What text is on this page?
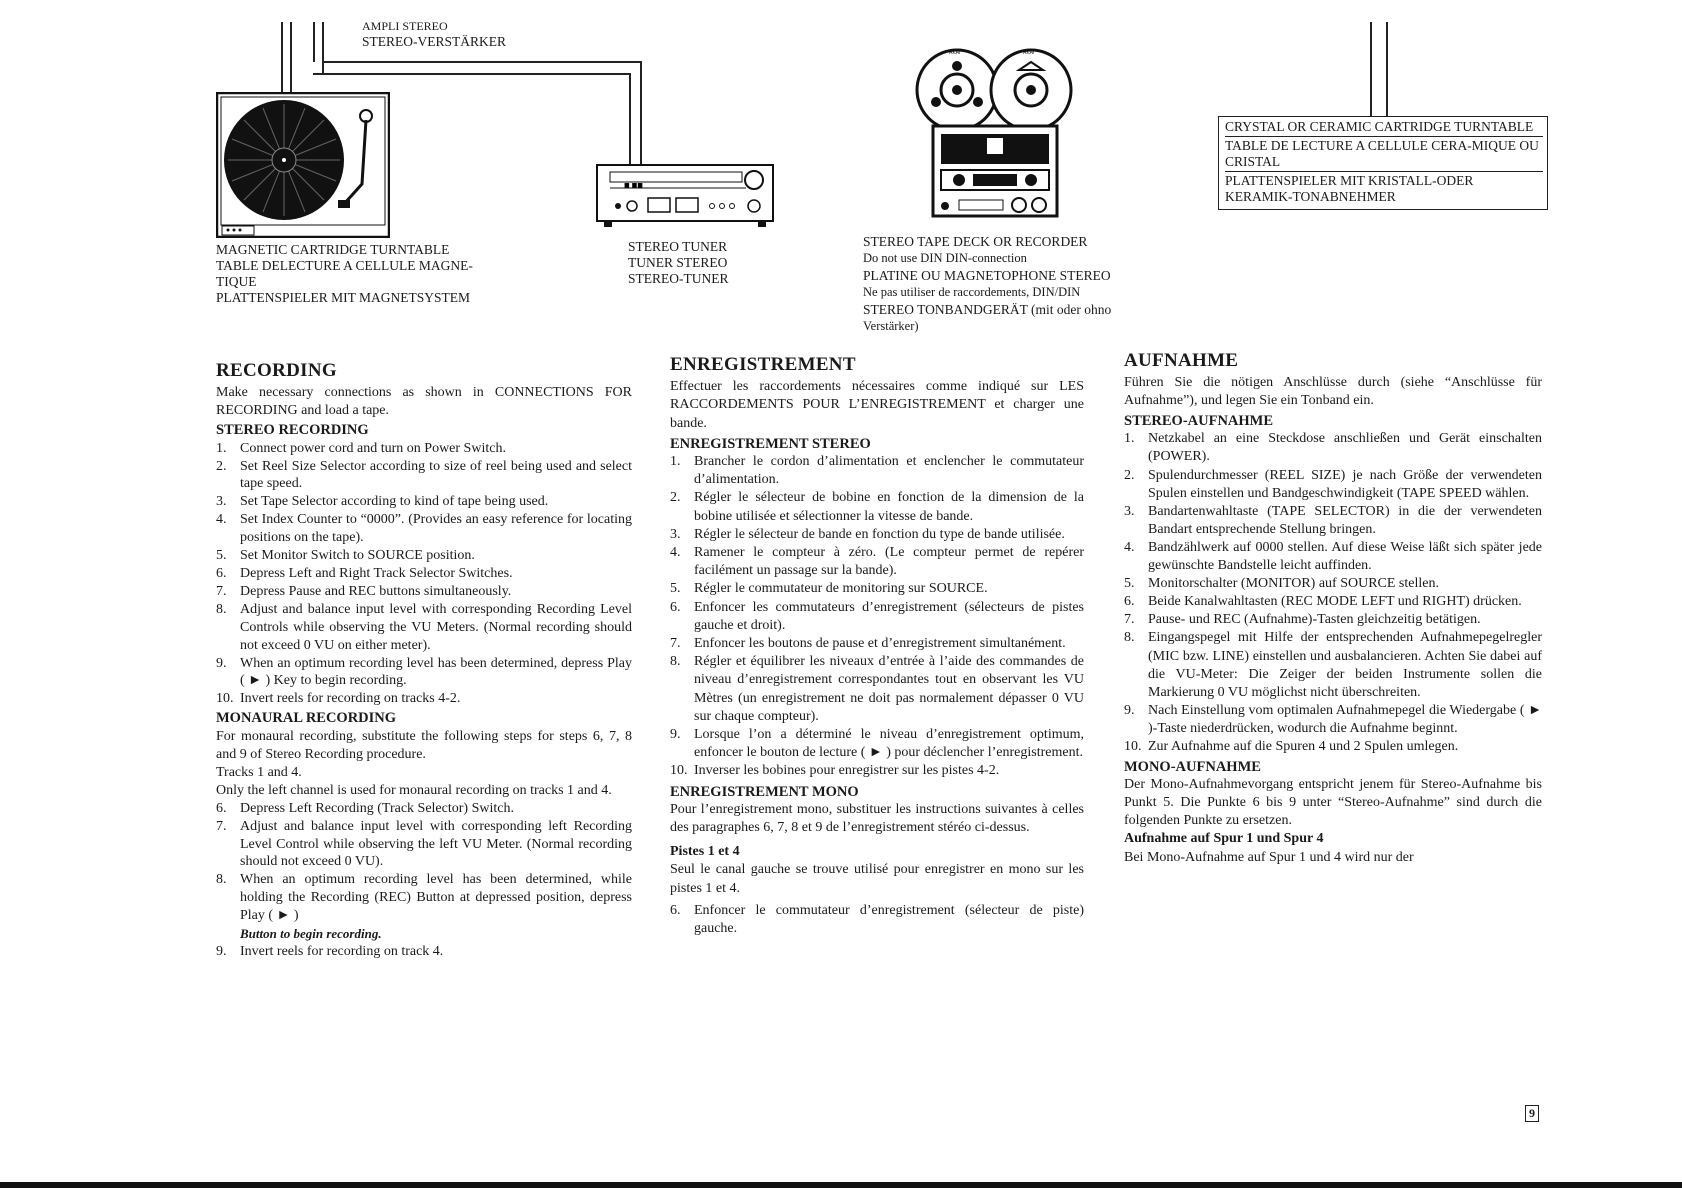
AMPLI STEREO
STEREO-VERSTÄRKER
MAGNETIC CARTRIDGE TURNTABLE
TABLE DELECTURE A CELLULE MAGNE-
TIQUE
PLATTENSPIELER MIT MAGNETSYSTEM
■ ■■
STEREO TUNER
TUNER STEREO
STEREO-TUNER
AKAI	AKAI
STEREO TAPE DECK OR RECORDER
Do not use DIN DIN-connection
PLATINE OU MAGNETOPHONE STEREO
Ne pas utiliser de raccordements, DIN/DIN
STEREO TONBANDGERÄT (mit oder ohno
Verstärker)
CRYSTAL OR CERAMIC CARTRIDGE TURNTABLE
TABLE DE LECTURE A CELLULE CERA-MIQUE OU CRISTAL
PLATTENSPIELER MIT KRISTALL-ODER KERAMIK-TONABNEHMER
RECORDING

Make necessary connections as shown in CONNECTIONS FOR RECORDING and load a tape.

STEREO RECORDING
1. Connect power cord and turn on Power Switch.
2. Set Reel Size Selector according to size of reel being used and select tape speed.
3. Set Tape Selector according to kind of tape being used.
4. Set Index Counter to “0000”. (Provides an easy reference for locating positions on the tape).
5. Set Monitor Switch to SOURCE position.
6. Depress Left and Right Track Selector Switches.
7. Depress Pause and REC buttons simultaneously.
8. Adjust and balance input level with corresponding Recording Level Controls while observing the VU Meters. (Normal recording should not exceed 0 VU on either meter).
9. When an optimum recording level has been determined, depress Play ( ► ) Key to begin recording.
10. Invert reels for recording on tracks 4-2.
MONAURAL RECORDING

For monaural recording, substitute the following steps for steps 6, 7, 8 and 9 of Stereo Recording procedure.

Tracks 1 and 4.

Only the left channel is used for monaural recording on tracks 1 and 4.

6. Depress Left Recording (Track Selector) Switch.
7. Adjust and balance input level with corresponding left Recording Level Control while observing the left VU Meter. (Normal recording should not exceed 0 VU).
8. When an optimum recording level has been determined, while holding the Recording (REC) Button at depressed position, depress Play ( ► )

Button to begin recording.

9. Invert reels for recording on track 4.
ENREGISTREMENT

Effectuer les raccordements nécessaires comme indiqué sur LES RACCORDEMENTS POUR L’ENREGISTREMENT et charger une bande.

ENREGISTREMENT STEREO
1. Brancher le cordon d’alimentation et enclencher le commutateur d’alimentation.
2. Régler le sélecteur de bobine en fonction de la dimension de la bobine utilisée et sélectionner la vitesse de bande.
3. Régler le sélecteur de bande en fonction du type de bande utilisée.
4. Ramener le compteur à zéro. (Le compteur permet de repérer facilément un passage sur la bande).
5. Régler le commutateur de monitoring sur SOURCE.
6. Enfoncer les commutateurs d’enregistrement (sélecteurs de pistes gauche et droit).
7. Enfoncer les boutons de pause et d’enregistrement simultanément.
8. Régler et équilibrer les niveaux d’entrée à l’aide des commandes de niveau d’enregistrement correspondantes tout en observant les VU Mètres (un enregistrement ne doit pas normalement dépasser 0 VU sur chaque compteur).
9. Lorsque l’on a déterminé le niveau d’enregistrement optimum, enfoncer le bouton de lecture ( ► ) pour déclencher l’enregistrement.
10. Inverser les bobines pour enregistrer sur les pistes 4-2.
ENREGISTREMENT MONO

Pour l’enregistrement mono, substituer les instructions suivantes à celles des paragraphes 6, 7, 8 et 9 de l’enregistrement stéréo ci-dessus.

Pistes 1 et 4

Seul le canal gauche se trouve utilisé pour enregistrer en mono sur les pistes 1 et 4.

6. Enfoncer le commutateur d’enregistrement (sélecteur de piste) gauche.
AUFNAHME

Führen Sie die nötigen Anschlüsse durch (siehe “Anschlüsse für Aufnahme”), und legen Sie ein Tonband ein.

STEREO-AUFNAHME
1. Netzkabel an eine Steckdose anschließen und Gerät einschalten (POWER).
2. Spulendurchmesser (REEL SIZE) je nach Größe der verwendeten Spulen einstellen und Bandgeschwindigkeit (TAPE SPEED wählen.
3. Bandartenwahltaste (TAPE SELECTOR) in die der verwendeten Bandart entsprechende Stellung bringen.
4. Bandzählwerk auf 0000 stellen. Auf diese Weise läßt sich später jede gewünschte Bandstelle leicht auffinden.
5. Monitorschalter (MONITOR) auf SOURCE stellen.
6. Beide Kanalwahltasten (REC MODE LEFT und RIGHT) drücken.
7. Pause- und REC (Aufnahme)-Tasten gleichzeitig betätigen.
8. Eingangspegel mit Hilfe der entsprechenden Aufnahmepegelregler (MIC bzw. LINE) einstellen und ausbalancieren. Achten Sie dabei auf die VU-Meter: Die Zeiger der beiden Instrumente sollen die Markierung 0 VU möglichst nicht überschreiten.
9. Nach Einstellung vom optimalen Aufnahmepegel die Wiedergabe ( ► )-Taste niederdrücken, wodurch die Aufnahme beginnt.
10. Zur Aufnahme auf die Spuren 4 und 2 Spulen umlegen.
MONO-AUFNAHME

Der Mono-Aufnahmevorgang entspricht jenem für Stereo-Aufnahme bis Punkt 5. Die Punkte 6 bis 9 unter “Stereo-Aufnahme” sind durch die folgenden Punkte zu ersetzen.

Aufnahme auf Spur 1 und Spur 4

Bei Mono-Aufnahme auf Spur 1 und 4 wird nur der

9
